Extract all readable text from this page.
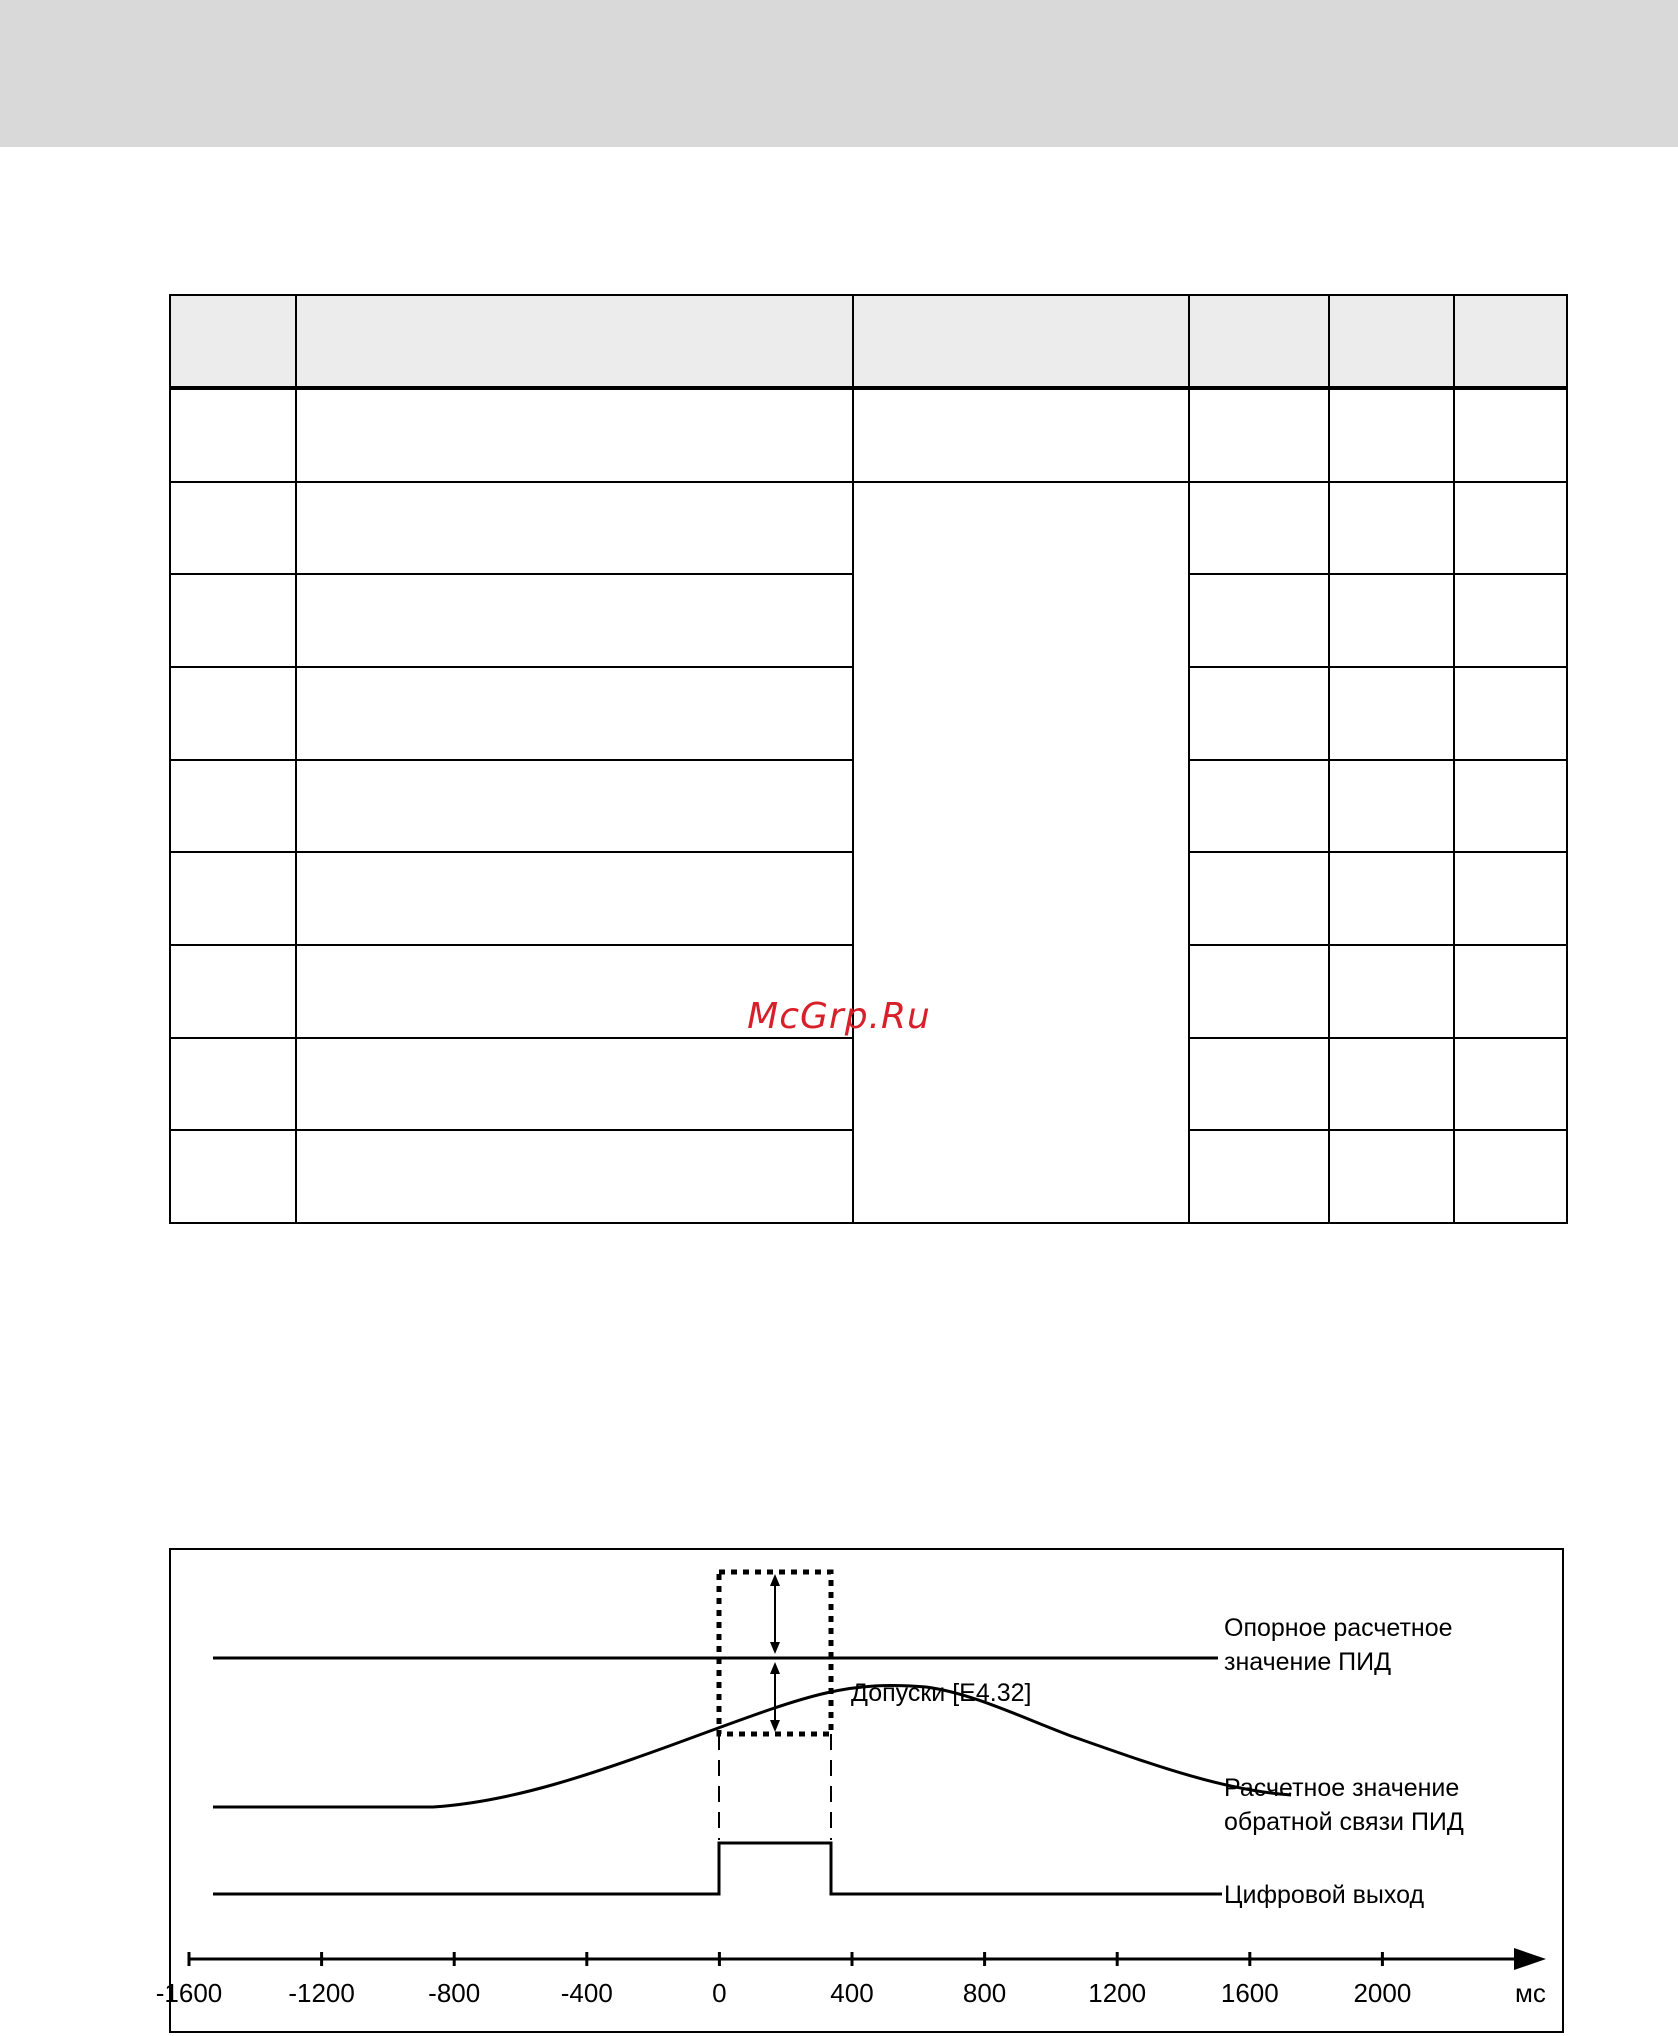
McGrp.Ru
-1600	-1200	-800	-400	0	400	800	1200	1600	2000	мс
Опорное расчетное
значение ПИД
Допуски [E4.32]
Расчетное значение
обратной связи ПИД
Цифровой выход
